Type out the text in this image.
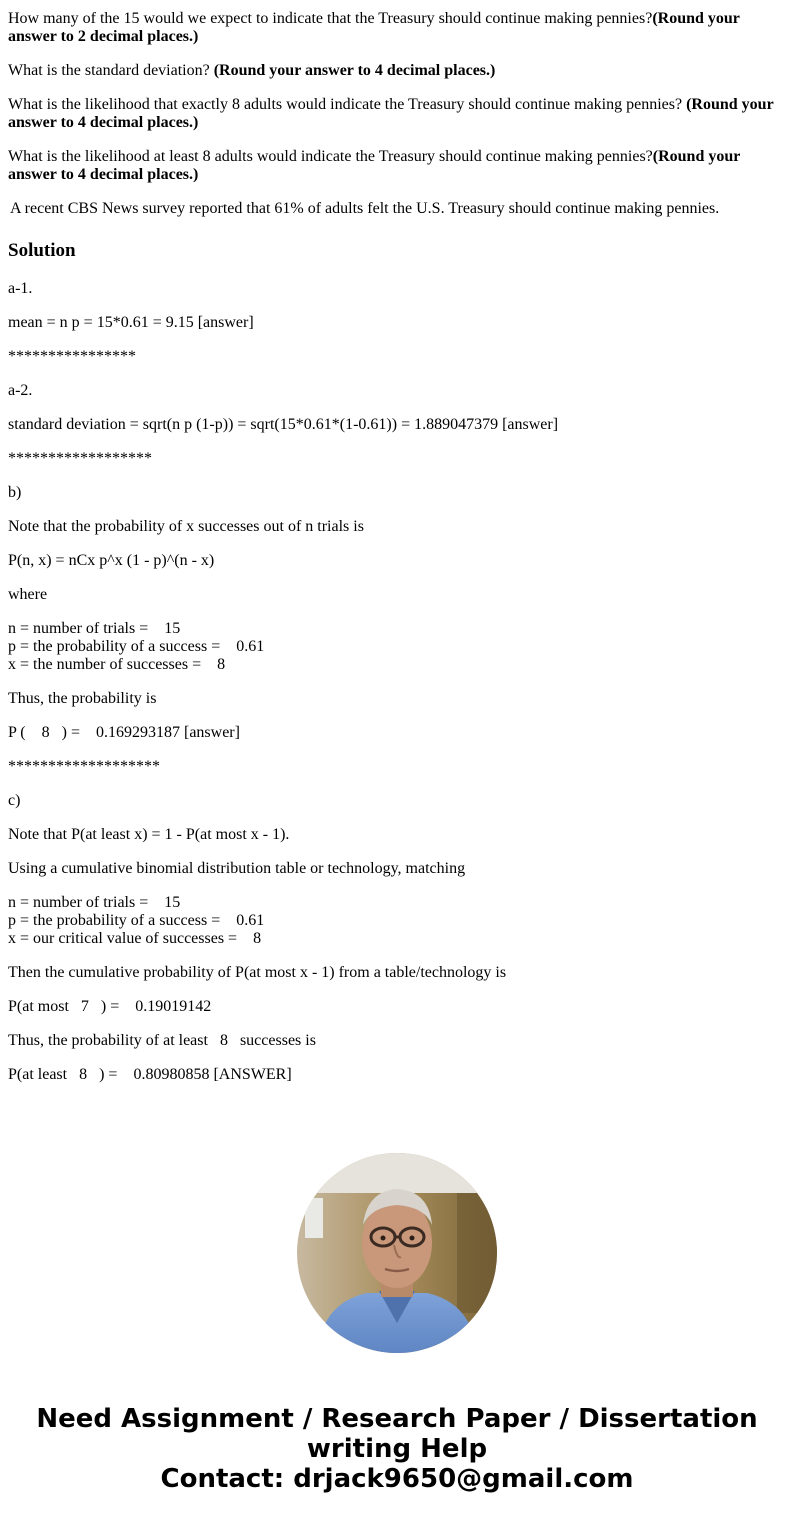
How many of the 15 would we expect to indicate that the Treasury should continue making pennies?(Round your answer to 2 decimal places.)

What is the standard deviation? (Round your answer to 4 decimal places.)

What is the likelihood that exactly 8 adults would indicate the Treasury should continue making pennies? (Round your answer to 4 decimal places.)

What is the likelihood at least 8 adults would indicate the Treasury should continue making pennies?(Round your answer to 4 decimal places.)

A recent CBS News survey reported that 61% of adults felt the U.S. Treasury should continue making pennies.

Solution

a-1.

mean = n p = 15*0.61 = 9.15 [answer]

****************

a-2.

standard deviation = sqrt(n p (1-p)) = sqrt(15*0.61*(1-0.61)) = 1.889047379 [answer]

******************

b)

Note that the probability of x successes out of n trials is

P(n, x) = nCx p^x (1 - p)^(n - x)

where

n = number of trials =    15
p = the probability of a success =    0.61
x = the number of successes =    8

Thus, the probability is

P (    8   ) =    0.169293187 [answer]

*******************

c)

Note that P(at least x) = 1 - P(at most x - 1).

Using a cumulative binomial distribution table or technology, matching

n = number of trials =    15
p = the probability of a success =    0.61
x = our critical value of successes =    8

Then the cumulative probability of P(at most x - 1) from a table/technology is

P(at most   7   ) =    0.19019142

Thus, the probability of at least   8   successes is

P(at least   8   ) =    0.80980858 [ANSWER]

Need Assignment / Research Paper / Dissertation
writing Help
Contact: drjack9650@gmail.com
